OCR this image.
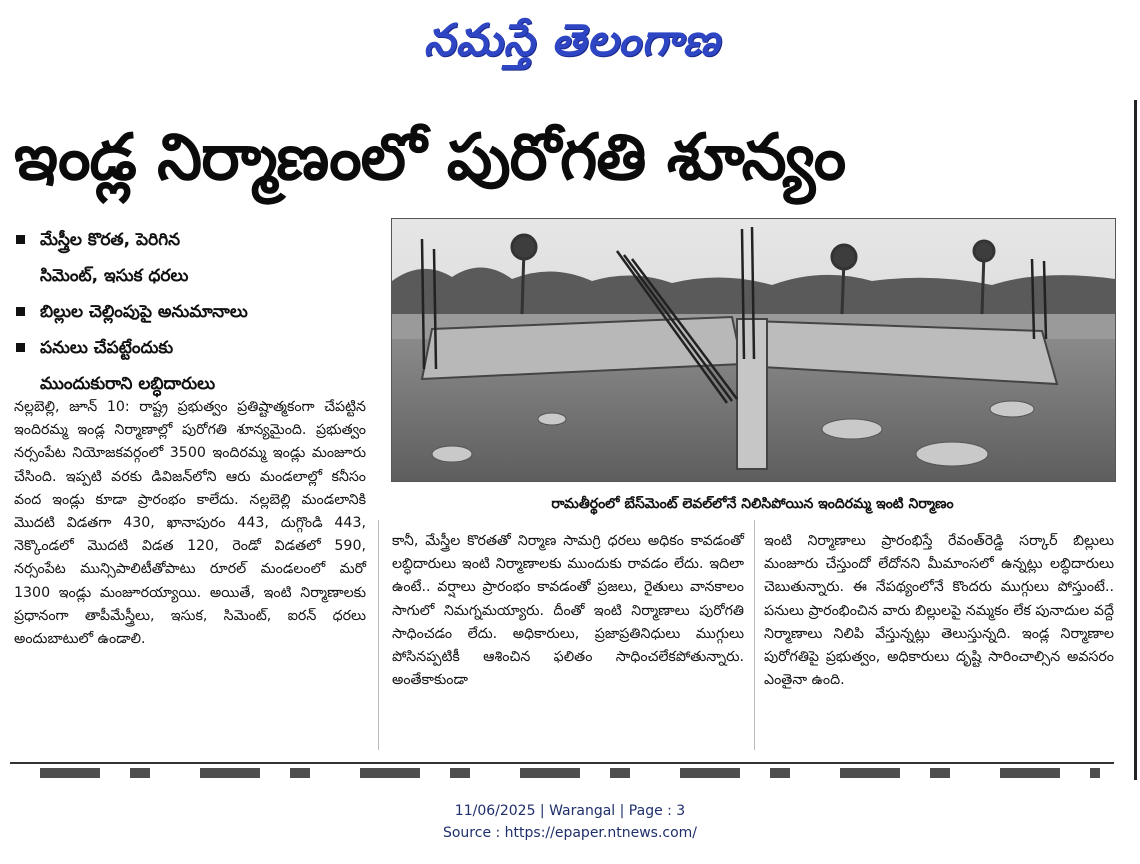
నమస్తే తెలంగాణ
ఇండ్ల నిర్మాణంలో పురోగతి శూన్యం
మేస్త్రీల కొరత, పెరిగిన
సిమెంట్, ఇసుక ధరలు
బిల్లుల చెల్లింపుపై అనుమానాలు
పనులు చేపట్టేందుకు
ముందుకురాని లబ్ధిదారులు
రామతీర్థంలో బేస్‌మెంట్ లెవల్‌లోనే నిలిసిపోయిన ఇందిరమ్మ ఇంటి నిర్మాణం
నల్లబెల్లి, జూన్ 10: రాష్ట్ర ప్రభుత్వం ప్రతిష్టాత్మకంగా చేపట్టిన ఇందిరమ్మ ఇండ్ల నిర్మాణాల్లో పురోగతి శూన్యమైంది. ప్రభుత్వం నర్సంపేట నియోజకవర్గంలో 3500 ఇందిరమ్మ ఇండ్లు మంజూరు చేసింది. ఇప్పటి వరకు డివిజన్‌లోని ఆరు మండలాల్లో కనీసం వంద ఇండ్లు కూడా ప్రారంభం కాలేదు. నల్లబెల్లి మండలానికి మొదటి విడతగా 430, ఖానాపురం 443, దుగ్గొండి 443, నెక్కొండలో మొదటి విడత 120, రెండో విడతలో 590, నర్సంపేట మున్సిపాలిటీతోపాటు రూరల్ మండలంలో మరో 1300 ఇండ్లు మంజూరయ్యాయి. అయితే, ఇంటి నిర్మాణాలకు ప్రధానంగా తాపీమేస్త్రీలు, ఇసుక, సిమెంట్, ఐరన్ ధరలు అందుబాటులో ఉండాలి.
కానీ, మేస్త్రీల కొరతతో నిర్మాణ సామగ్రి ధరలు అధికం కావడంతో లబ్ధిదారులు ఇంటి నిర్మాణాలకు ముందుకు రావడం లేదు. ఇదిలా ఉంటే.. వర్షాలు ప్రారంభం కావడంతో ప్రజలు, రైతులు వానకాలం సాగులో నిమగ్నమయ్యారు. దీంతో ఇంటి నిర్మాణాలు పురోగతి సాధించడం లేదు. అధికారులు, ప్రజాప్రతినిధులు ముగ్గులు పోసినప్పటికీ ఆశించిన ఫలితం సాధించలేకపోతున్నారు. అంతేకాకుండా
ఇంటి నిర్మాణాలు ప్రారంభిస్తే రేవంత్‌రెడ్డి సర్కార్ బిల్లులు మంజూరు చేస్తుందో లేదోనని మీమాంసలో ఉన్నట్లు లబ్ధిదారులు చెబుతున్నారు. ఈ నేపథ్యంలోనే కొందరు ముగ్గులు పోస్తుంటే.. పనులు ప్రారంభించిన వారు బిల్లులపై నమ్మకం లేక పునాదుల వద్దే నిర్మాణాలు నిలిపి వేస్తున్నట్లు తెలుస్తున్నది. ఇండ్ల నిర్మాణాల పురోగతిపై ప్రభుత్వం, అధికారులు దృష్టి సారించాల్సిన అవసరం ఎంతైనా ఉంది.
11/06/2025 | Warangal | Page : 3
Source : https://epaper.ntnews.com/
